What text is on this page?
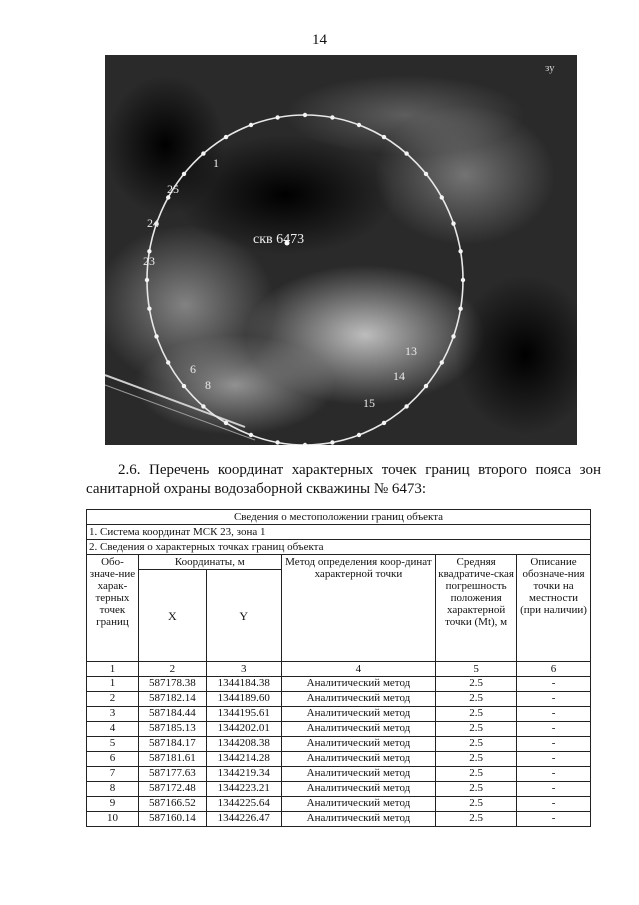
14
1
25
24
23
13
14
15
6
8
скв 6473
зу
2.6. Перечень координат характерных точек границ второго пояса зон санитарной охраны водозаборной скважины № 6473:
Сведения о местоположении границ объекта					
1. Система координат МСК 23, зона 1					
2. Сведения о характерных точках границ объекта					
Обо-значе-ние харак-терных точек границ	Координаты, м		Метод определения коор-динат характерной точки	Средняя квадратиче-ская погрешность положения характерной точки (Mt), м	Описание обозначе-ния точки на местности (при наличии)
	X	Y			
1	2	3	4	5	6
1	587178.38	1344184.38	Аналитический метод	2.5	-
2	587182.14	1344189.60	Аналитический метод	2.5	-
3	587184.44	1344195.61	Аналитический метод	2.5	-
4	587185.13	1344202.01	Аналитический метод	2.5	-
5	587184.17	1344208.38	Аналитический метод	2.5	-
6	587181.61	1344214.28	Аналитический метод	2.5	-
7	587177.63	1344219.34	Аналитический метод	2.5	-
8	587172.48	1344223.21	Аналитический метод	2.5	-
9	587166.52	1344225.64	Аналитический метод	2.5	-
10	587160.14	1344226.47	Аналитический метод	2.5	-
